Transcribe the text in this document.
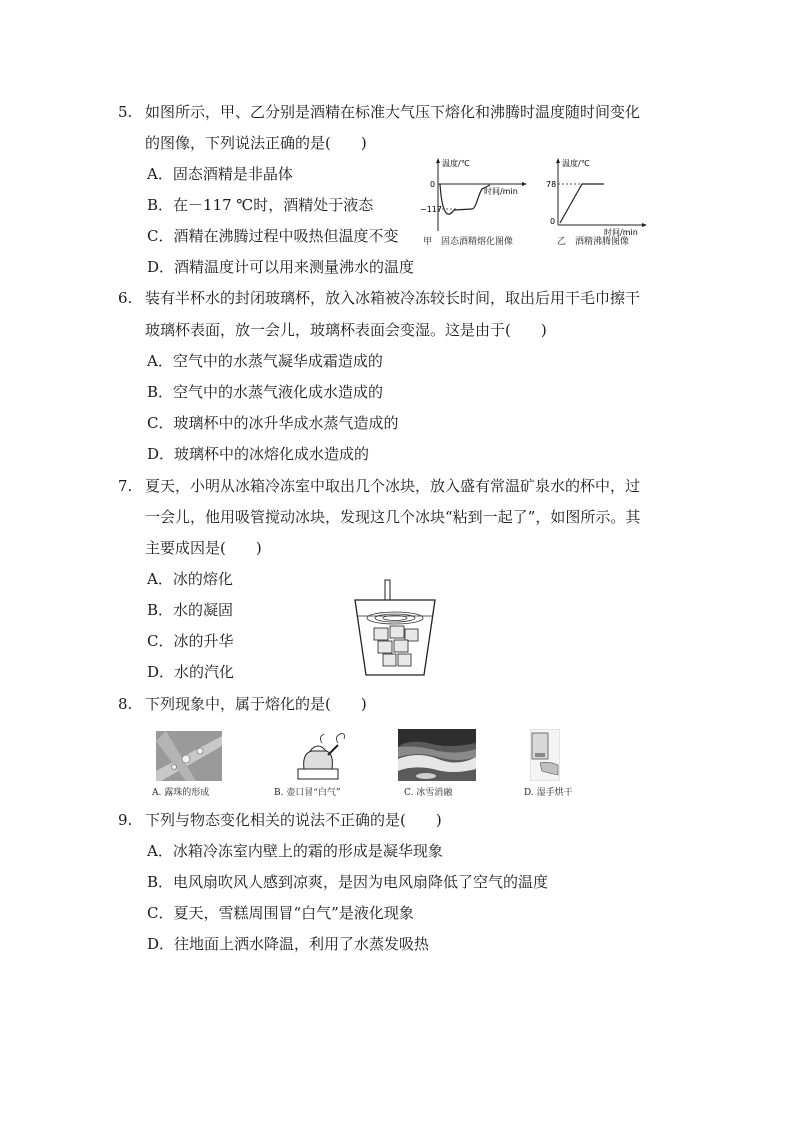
5. 如图所示，甲、乙分别是酒精在标准大气压下熔化和沸腾时温度随时间变化
的图像，下列说法正确的是(　　)
A．固态酒精是非晶体
B．在－117 ℃时，酒精处于液态
C．酒精在沸腾过程中吸热但温度不变
D．酒精温度计可以用来测量沸水的温度
温度/℃
时间/min
0
−117
甲　固态酒精熔化图像
温度/℃
时间/min
78
0
乙　酒精沸腾图像
6. 装有半杯水的封闭玻璃杯，放入冰箱被冷冻较长时间，取出后用干毛巾擦干
玻璃杯表面，放一会儿，玻璃杯表面会变湿。这是由于(　　)
A．空气中的水蒸气凝华成霜造成的
B．空气中的水蒸气液化成水造成的
C．玻璃杯中的冰升华成水蒸气造成的
D．玻璃杯中的冰熔化成水造成的
7. 夏天，小明从冰箱冷冻室中取出几个冰块，放入盛有常温矿泉水的杯中，过
一会儿，他用吸管搅动冰块，发现这几个冰块“粘到一起了”，如图所示。其
主要成因是(　　)
A．冰的熔化
B．水的凝固
C．冰的升华
D．水的汽化
8. 下列现象中，属于熔化的是(　　)
A. 露珠的形成	B. 壶口冒“白气”	C. 冰雪消融	D. 湿手烘干
9. 下列与物态变化相关的说法不正确的是(　　)
A．冰箱冷冻室内壁上的霜的形成是凝华现象
B．电风扇吹风人感到凉爽，是因为电风扇降低了空气的温度
C．夏天，雪糕周围冒“白气”是液化现象
D．往地面上洒水降温，利用了水蒸发吸热
